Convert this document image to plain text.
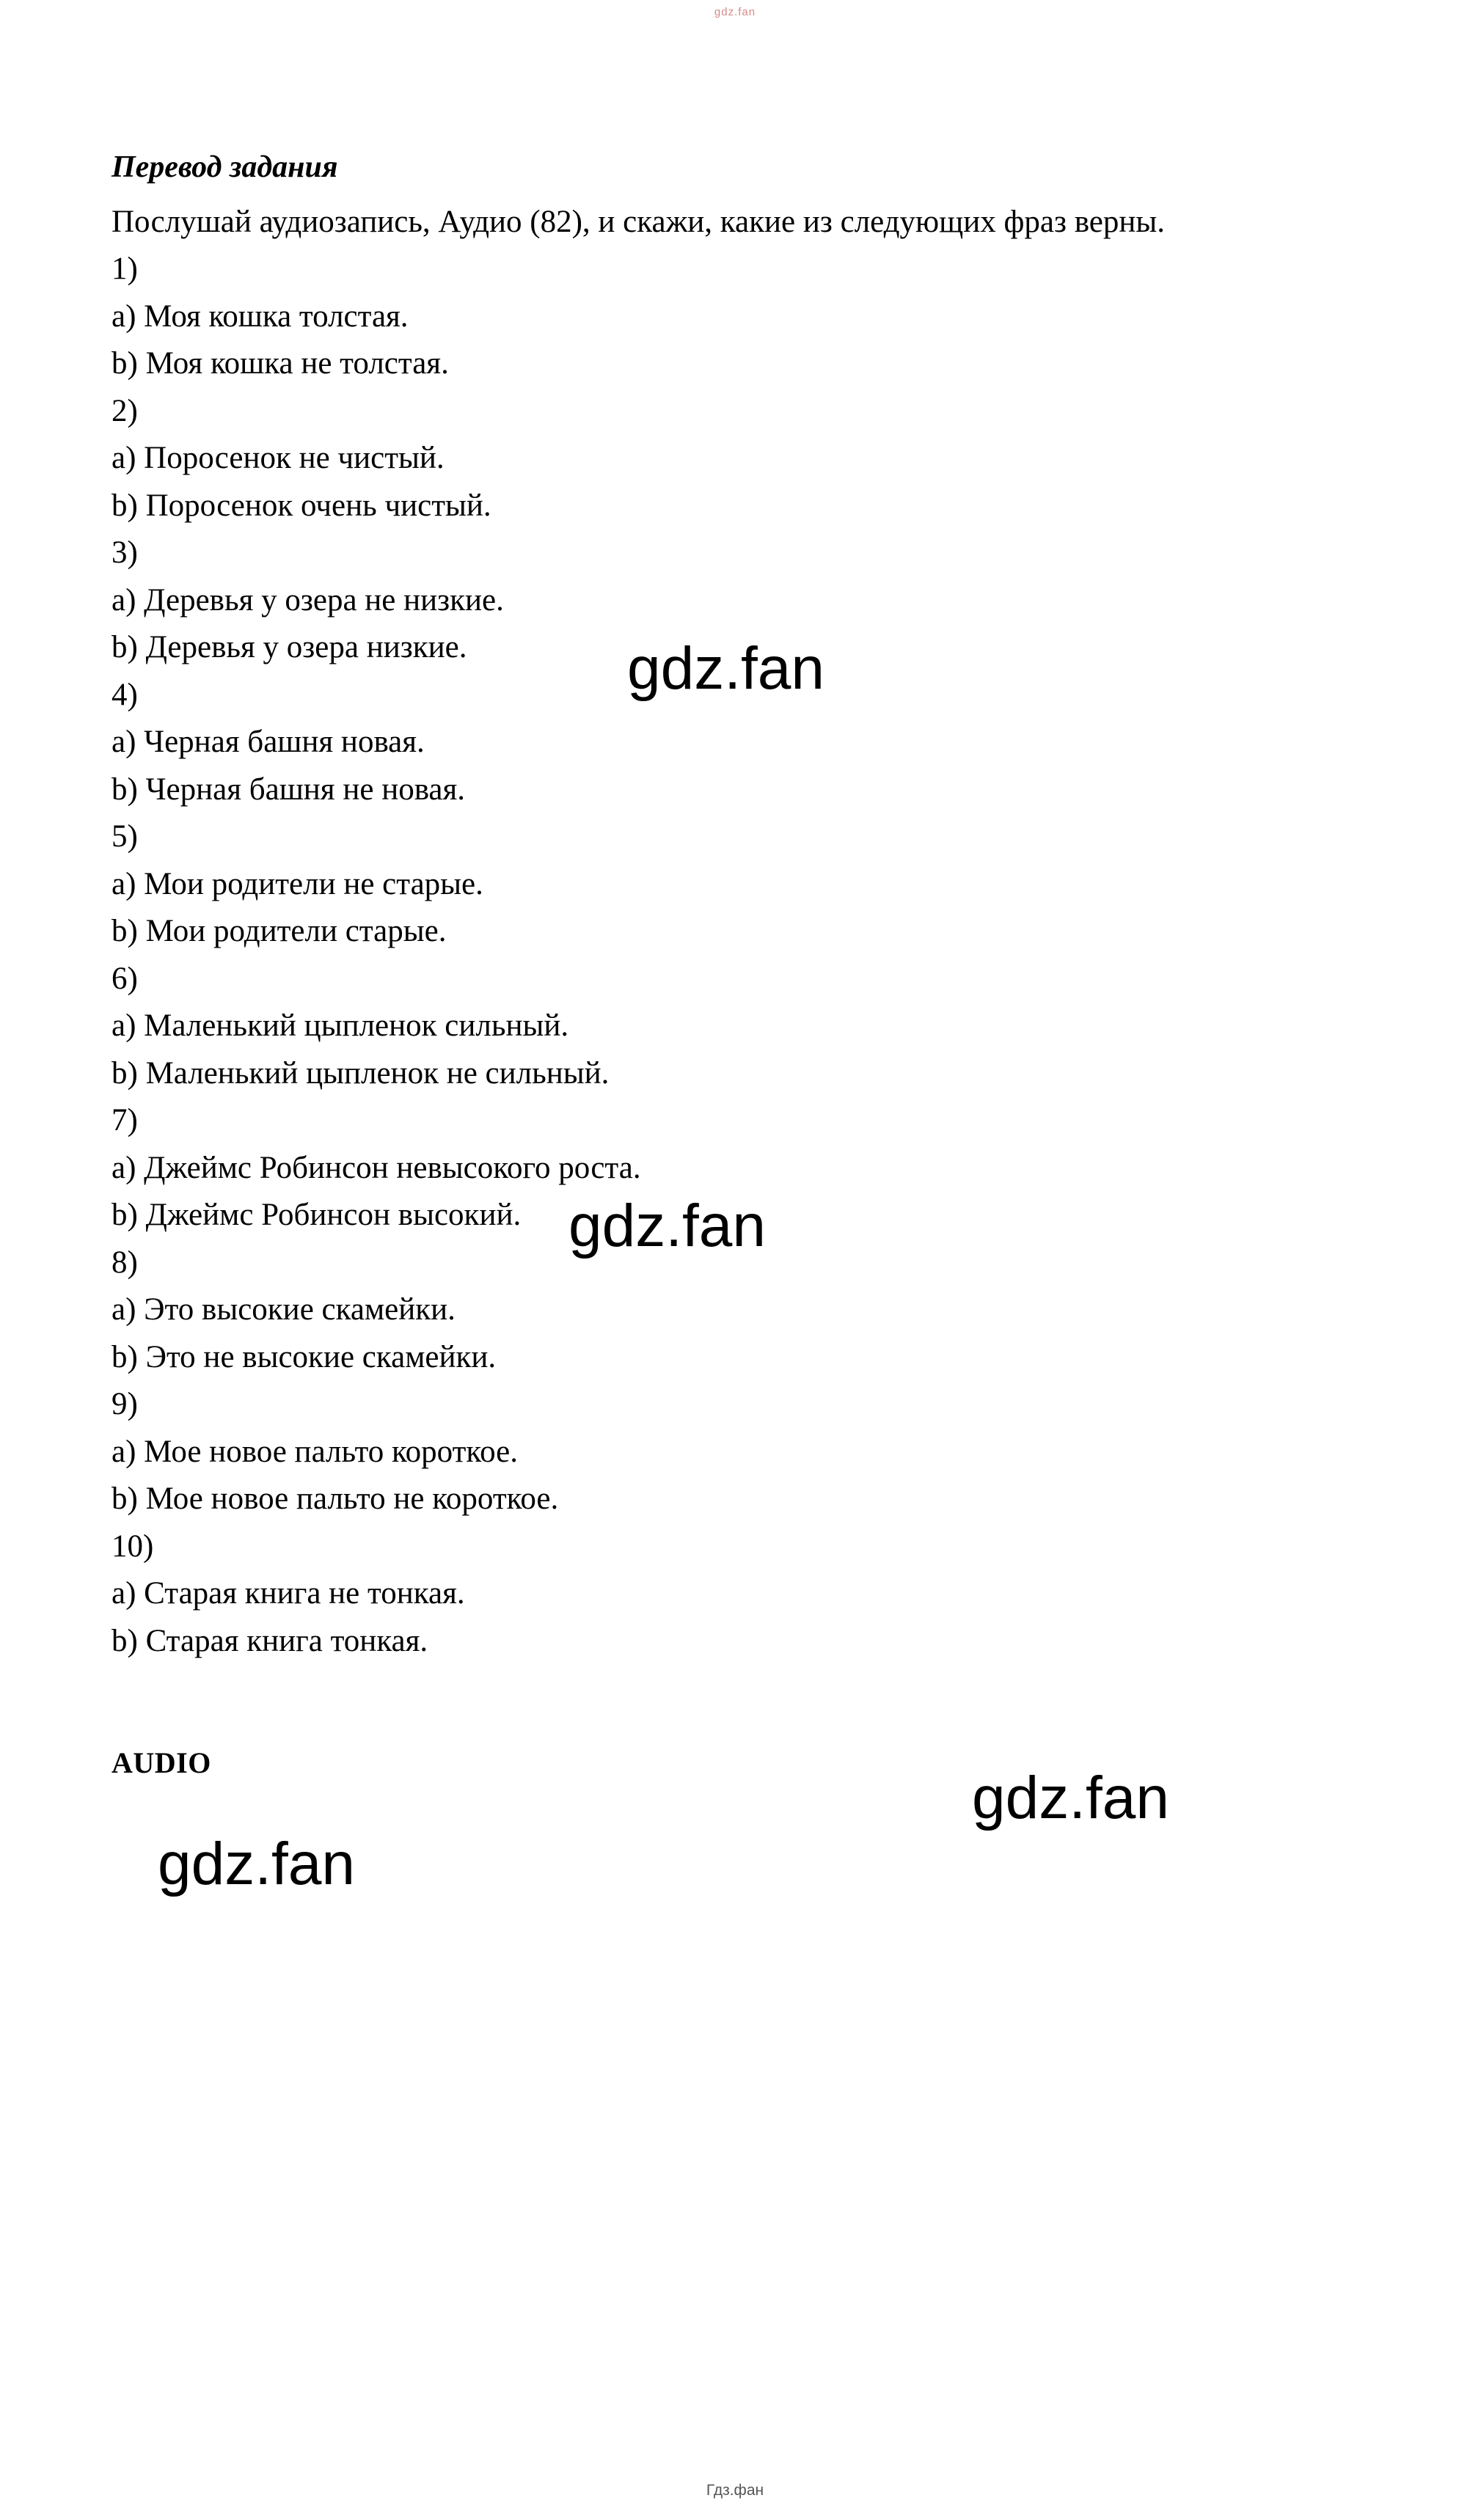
gdz.fan
Перевод задания

Послушай аудиозапись, Аудио (82), и скажи, какие из следующих фраз верны.

1)
a) Моя кошка толстая.
b) Моя кошка не толстая.
2)
a) Поросенок не чистый.
b) Поросенок очень чистый.
3)
a) Деревья у озера не низкие.
b) Деревья у озера низкие.
4)
a) Черная башня новая.
b) Черная башня не новая.
5)
a) Мои родители не старые.
b) Мои родители старые.
6)
a) Маленький цыпленок сильный.
b) Маленький цыпленок не сильный.
7)
a) Джеймс Робинсон невысокого роста.
b) Джеймс Робинсон высокий.
8)
a) Это высокие скамейки.
b) Это не высокие скамейки.
9)
a) Мое новое пальто короткое.
b) Мое новое пальто не короткое.
10)
a) Старая книга не тонкая.
b) Старая книга тонкая.
AUDIO
gdz.fan
gdz.fan
gdz.fan
gdz.fan
Гдз.фан
